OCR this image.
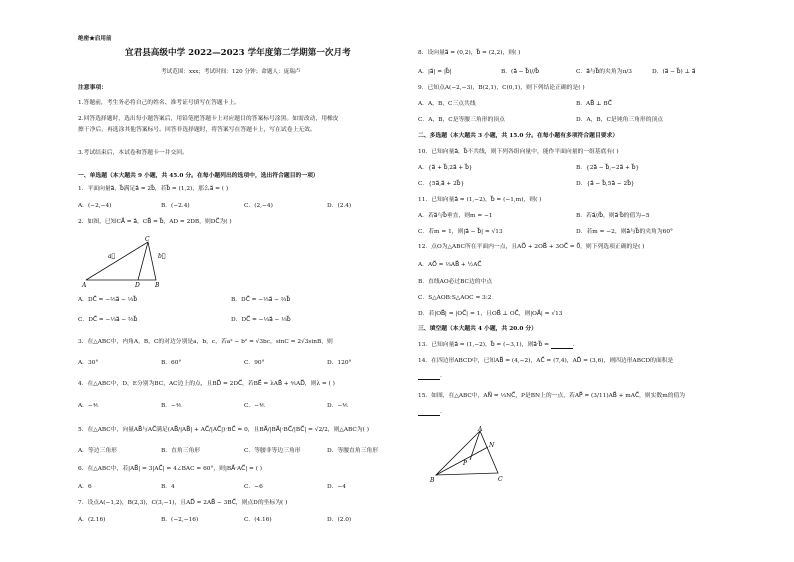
绝密★启用前
宜君县高级中学 2022—2023 学年度第二学期第一次月考
考试范围：xxx；考试时间：120 分钟；命题人：庞瑞卢
注意事项：
1.答题前，考生务必将自己的姓名、准考证号填写在答题卡上。
2.回答选择题时，选出每小题答案后，用铅笔把答题卡上对应题目的答案标号涂黑。如需改动，用橡皮
擦干净后，再选涂其他答案标号。回答非选择题时，将答案写在答题卡上，写在试卷上无效。
3.考试结束后，本试卷和答题卡一并交回。
一、单选题（本大题共 9 小题，共 45.0 分。在每小题列出的选项中，选出符合题目的一项）
1．平面向量a⃗，b⃗满足a⃗ = 2b⃗，若b⃗ = (1,2)，那么a⃗ = ( )
A．(−2,−4)	B．(−2.4)	C．(2,−4)	D．(2.4)
2．如图，已知CA⃗ = a⃗，CB⃗ = b⃗，AD = 2DB，则DC⃗为( )
a⃗	b⃗
C
A	D	B
A．DC⃗ = −⅔a⃗ − ⅓b⃗	B．DC⃗ = −⅓a⃗ − ⅔b⃗
C．DC⃗ = −⅓a⃗ − ⅔b⃗	D．DC⃗ = −⅓a⃗ − ⅓b⃗
3．在△ABC中，内角A，B，C的对边分别是a，b，c，若a² − b² = √3bc，sinC = 2√3sinB，则
A．30°	B．60°	C．90°	D．120°
4．在△ABC中，D，E分别为BC，AC边上的点，且BD⃗ = 2DC⃗，若BE⃗ = λAB⃗ + ⅘AD⃗，则λ = ( )
A．−⅘	B．−⅘	C．−⅘	D．−⅘
5．在△ABC中，向量AB⃗与AC⃗满足(AB⃗/|AB⃗| + AC⃗/|AC⃗|)·BC⃗ = 0，且BA⃗/|BA⃗|·BC⃗/|BC⃗| = √2/2，则△ABC为( )
A．等边三角形	B．直角三角形	C．等腰非等边三角形	D．等腰直角三角形
6．在△ABC中，若|AB⃗| = 3|AC⃗| = 4∠BAC = 60°，则|BA⃗·AC⃗| = ( )
A．6	B．4	C．−6	D．−4
7．设点A(−1,2)，B(2,3)，C(3,−1)，且AD⃗ = 2AB⃗ − 3BC⃗，则点D的坐标为( )
A．(2.16)	B．(−2,−16)	C．(4.16)	D．(2.0)
8．设向量a⃗ = (0,2)，b⃗ = (2,2)，则( )
A．|a⃗| = |b⃗|	B．(a⃗ − b⃗)//b⃗	C．a⃗与b⃗的夹角为π/3	D．(a⃗ − b⃗) ⊥ a⃗
9．已知点A(−2,−3)，B(2,1)，C(0,1)，则下列结论正确的是( )
A．A，B，C三点共线	B．AB⃗ ⊥ BC⃗
C．A，B，C是等腰三角形的顶点	D．A，B，C是钝角三角形的顶点
二、多选题（本大题共 3 小题，共 15.0 分。在每小题有多项符合题目要求）
10．已知向量a⃗，b⃗不共线，则下列各组向量中，能作平面向量的一组基底有( )
A．{a⃗ + b⃗,2a⃗ + b⃗}	B．{2a⃗ − b⃗,−2a⃗ + b⃗}
C．{5a⃗,a⃗ + 2b⃗}	D．{a⃗ − b⃗,5a⃗ − 2b⃗}
11．已知向量a⃗ = (1,−2)，b⃗ = (−1,m)，则( )
A．若a⃗与b⃗垂直，则m = −1	B．若a⃗//b⃗，则a⃗·b⃗的值为−5
C．若m = 1，则|a⃗ − b⃗| = √13	D．若m = −2，则a⃗与b⃗的夹角为60°
12．点O为△ABC所在平面内一点，且AO⃗ + 2OB⃗ + 3OC⃗ = 0⃗，则下列选项正确的是( )
A．AO⃗ = ⅓AB⃗ + ½AC⃗
B．直线AO必过BC边的中点
C．S△AOB:S△AOC = 3:2
D．若|OB⃗| = |OC⃗| = 1，且OB⃗ ⊥ OC⃗，则|OA⃗| = √13
三、填空题（本大题共 4 小题，共 20.0 分）
13．已知向量a⃗ = (1,−2)，b⃗ = (−3,1)，则a⃗·b⃗ =	.
14．在四边形ABCD中，已知AB⃗ = (4,−2)，AC⃗ = (7,4)，AD⃗ = (3,6)，则四边形ABCD的面积是
.
15．如图，在△ABC中，AN⃗ = ⅓NC⃗，P是BN上的一点，若AP⃗ = (3/11)AB⃗ + mAC⃗，则实数m的值为
.
A
N
P
B	C
